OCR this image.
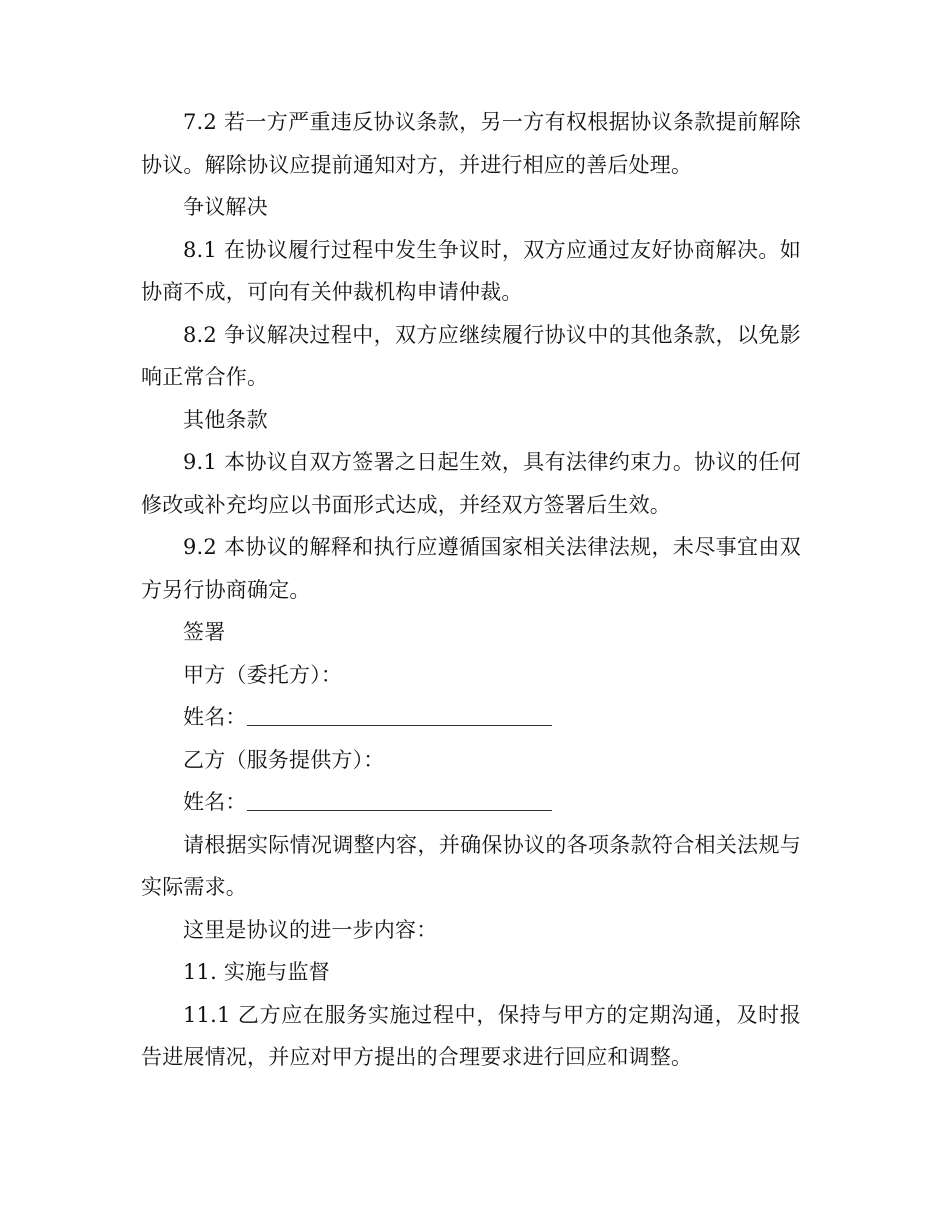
7.2 若一方严重违反协议条款，另一方有权根据协议条款提前解除协议。解除协议应提前通知对方，并进行相应的善后处理。

争议解决

8.1 在协议履行过程中发生争议时，双方应通过友好协商解决。如协商不成，可向有关仲裁机构申请仲裁。

8.2 争议解决过程中，双方应继续履行协议中的其他条款，以免影响正常合作。

其他条款

9.1 本协议自双方签署之日起生效，具有法律约束力。协议的任何修改或补充均应以书面形式达成，并经双方签署后生效。

9.2 本协议的解释和执行应遵循国家相关法律法规，未尽事宜由双方另行协商确定。

签署

甲方（委托方）：

姓名：

乙方（服务提供方）：

姓名：

请根据实际情况调整内容，并确保协议的各项条款符合相关法规与实际需求。

这里是协议的进一步内容：

11. 实施与监督

11.1 乙方应在服务实施过程中，保持与甲方的定期沟通，及时报告进展情况，并应对甲方提出的合理要求进行回应和调整。
